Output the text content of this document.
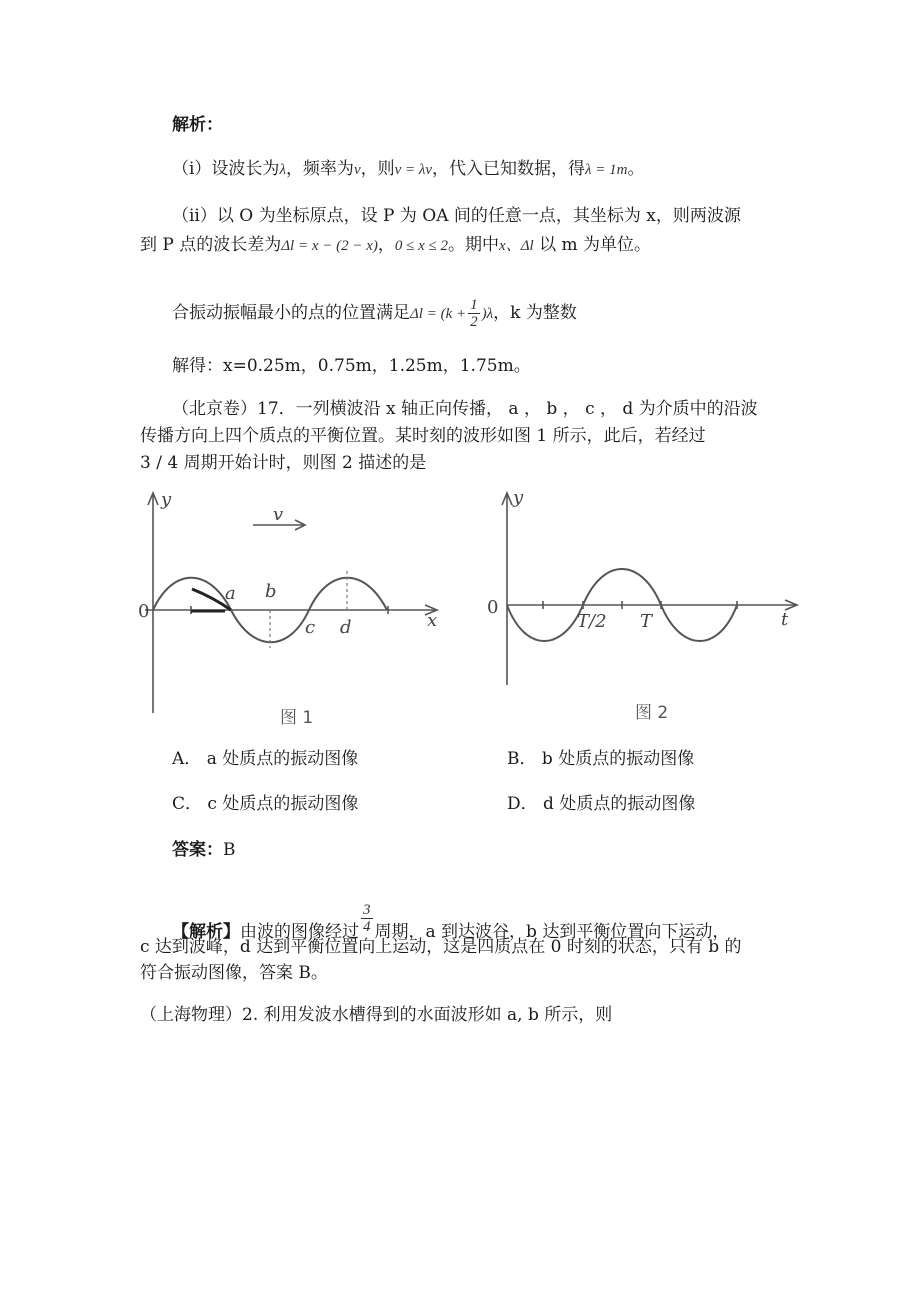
解析：
（i）设波长为λ，频率为ν，则v = λν，代入已知数据，得λ = 1m。
（ii）以 O 为坐标原点，设 P 为 OA 间的任意一点，其坐标为 x，则两波源
到 P 点的波长差为Δl = x − (2 − x)，0 ≤ x ≤ 2。期中x、Δl 以 m 为单位。
合振动振幅最小的点的位置满足$\Delta l = (k + \frac{1}{2} )\lambda$，k 为整数
解得：x=0.25m，0.75m，1.25m，1.75m。
（北京卷）17．一列横波沿 x 轴正向传播， a ， b ， c ， d 为介质中的沿波
传播方向上四个质点的平衡位置。某时刻的波形如图 1 所示，此后，若经过
3 / 4 周期开始计时，则图 2 描述的是
y
x
v
0
a b
c d
图 1
y
t
0
T/2 T
图 2
A． a 处质点的振动图像	B． b 处质点的振动图像
C． c 处质点的振动图像	D． d 处质点的振动图像
答案：B
【解析】由波的图像经过 $\frac{3}{4}$ 周期，a 到达波谷，b 达到平衡位置向下运动，
c 达到波峰，d 达到平衡位置向上运动，这是四质点在 0 时刻的状态，只有 b 的
符合振动图像，答案 B。
（上海物理）2. 利用发波水槽得到的水面波形如 a, b 所示，则
